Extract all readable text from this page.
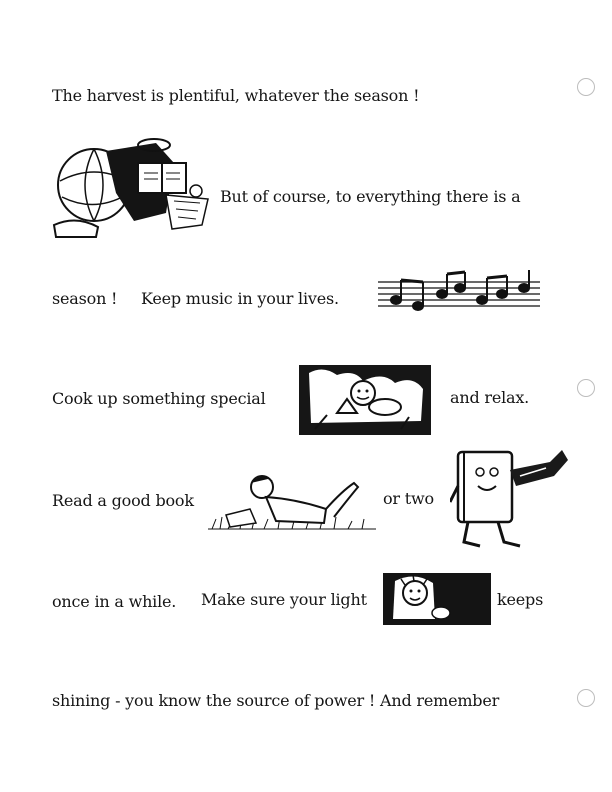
The harvest is plentiful, whatever the season !
But of course, to everything there is a
season ! Keep music in your lives.
Cook up something special	and relax.
Read a good book	or two
once in a while. Make sure your light	keeps
shining - you know the source of power ! And remember
